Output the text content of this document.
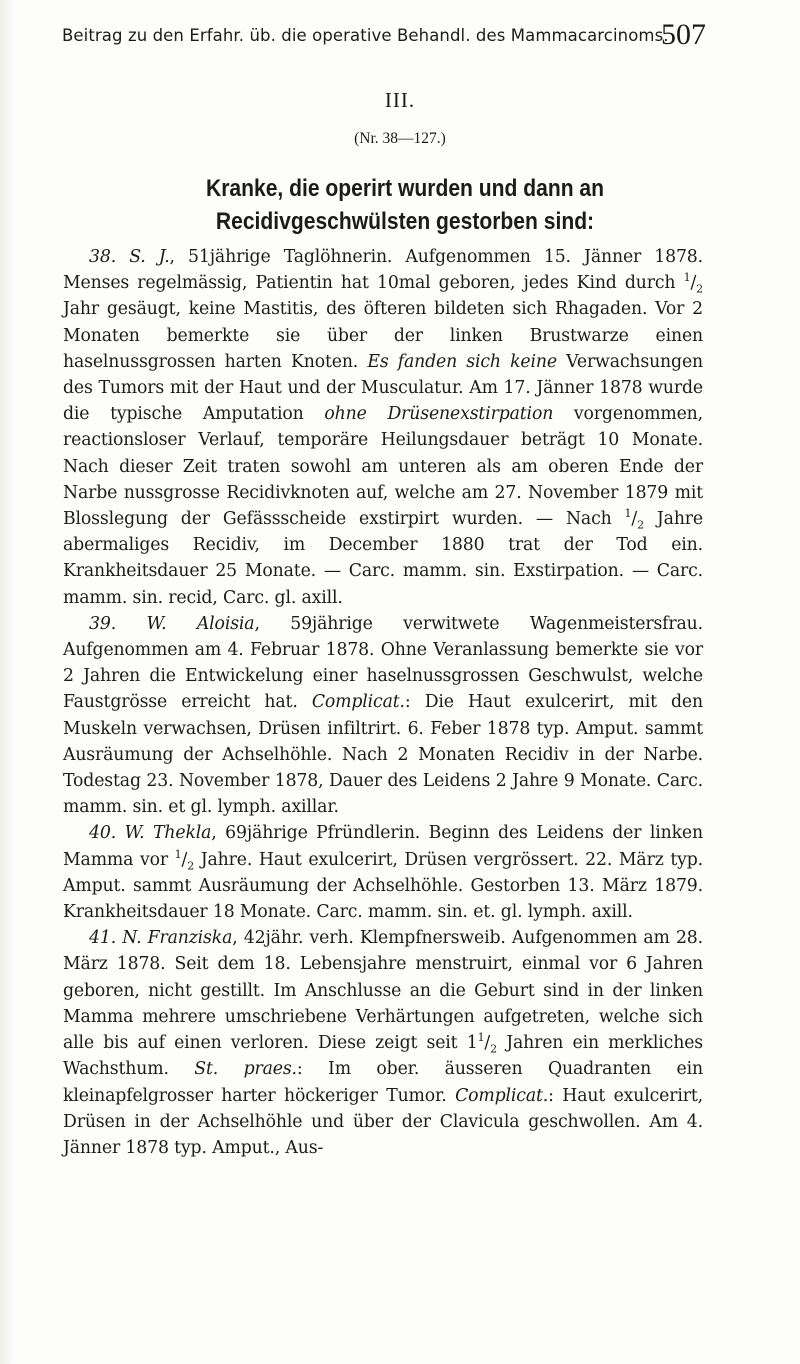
Beitrag zu den Erfahr. üb. die operative Behandl. des Mammacarcinoms.
507
III.
(Nr. 38—127.)
Kranke, die operirt wurden und dann an Recidivgeschwülsten gestorben sind:

38. S. J., 51jährige Taglöhnerin. Aufgenommen 15. Jänner 1878. Menses regelmässig, Patientin hat 10mal geboren, jedes Kind durch $^1/_2$ Jahr gesäugt, keine Mastitis, des öfteren bildeten sich Rhagaden. Vor 2 Monaten bemerkte sie über der linken Brustwarze einen haselnussgrossen harten Knoten. Es fanden sich keine Verwachsungen des Tumors mit der Haut und der Musculatur. Am 17. Jänner 1878 wurde die typische Amputation ohne Drüsenexstirpation vorgenommen, reactionsloser Verlauf, temporäre Heilungsdauer beträgt 10 Monate. Nach dieser Zeit traten sowohl am unteren als am oberen Ende der Narbe nussgrosse Recidivknoten auf, welche am 27. November 1879 mit Blosslegung der Gefässscheide exstirpirt wurden. — Nach $^1/_2$ Jahre abermaliges Recidiv, im December 1880 trat der Tod ein. Krankheitsdauer 25 Monate. — Carc. mamm. sin. Exstirpation. — Carc. mamm. sin. recid, Carc. gl. axill.

39. W. Aloisia, 59jährige verwitwete Wagenmeistersfrau. Aufgenommen am 4. Februar 1878. Ohne Veranlassung bemerkte sie vor 2 Jahren die Entwickelung einer haselnussgrossen Geschwulst, welche Faustgrösse erreicht hat. Complicat.: Die Haut exulcerirt, mit den Muskeln verwachsen, Drüsen infiltrirt. 6. Feber 1878 typ. Amput. sammt Ausräumung der Achselhöhle. Nach 2 Monaten Recidiv in der Narbe. Todestag 23. November 1878, Dauer des Leidens 2 Jahre 9 Monate. Carc. mamm. sin. et gl. lymph. axillar.

40. W. Thekla, 69jährige Pfründlerin. Beginn des Leidens der linken Mamma vor $^1/_2$ Jahre. Haut exulcerirt, Drüsen vergrössert. 22. März typ. Amput. sammt Ausräumung der Achselhöhle. Gestorben 13. März 1879. Krankheitsdauer 18 Monate. Carc. mamm. sin. et. gl. lymph. axill.

41. N. Franziska, 42jähr. verh. Klempfnersweib. Aufgenommen am 28. März 1878. Seit dem 18. Lebensjahre menstruirt, einmal vor 6 Jahren geboren, nicht gestillt. Im Anschlusse an die Geburt sind in der linken Mamma mehrere umschriebene Verhärtungen aufgetreten, welche sich alle bis auf einen verloren. Diese zeigt seit $1^1/_2$ Jahren ein merkliches Wachsthum. St. praes.: Im ober. äusseren Quadranten ein kleinapfelgrosser harter höckeriger Tumor. Complicat.: Haut exulcerirt, Drüsen in der Achselhöhle und über der Clavicula geschwollen. Am 4. Jänner 1878 typ. Amput., Aus-
